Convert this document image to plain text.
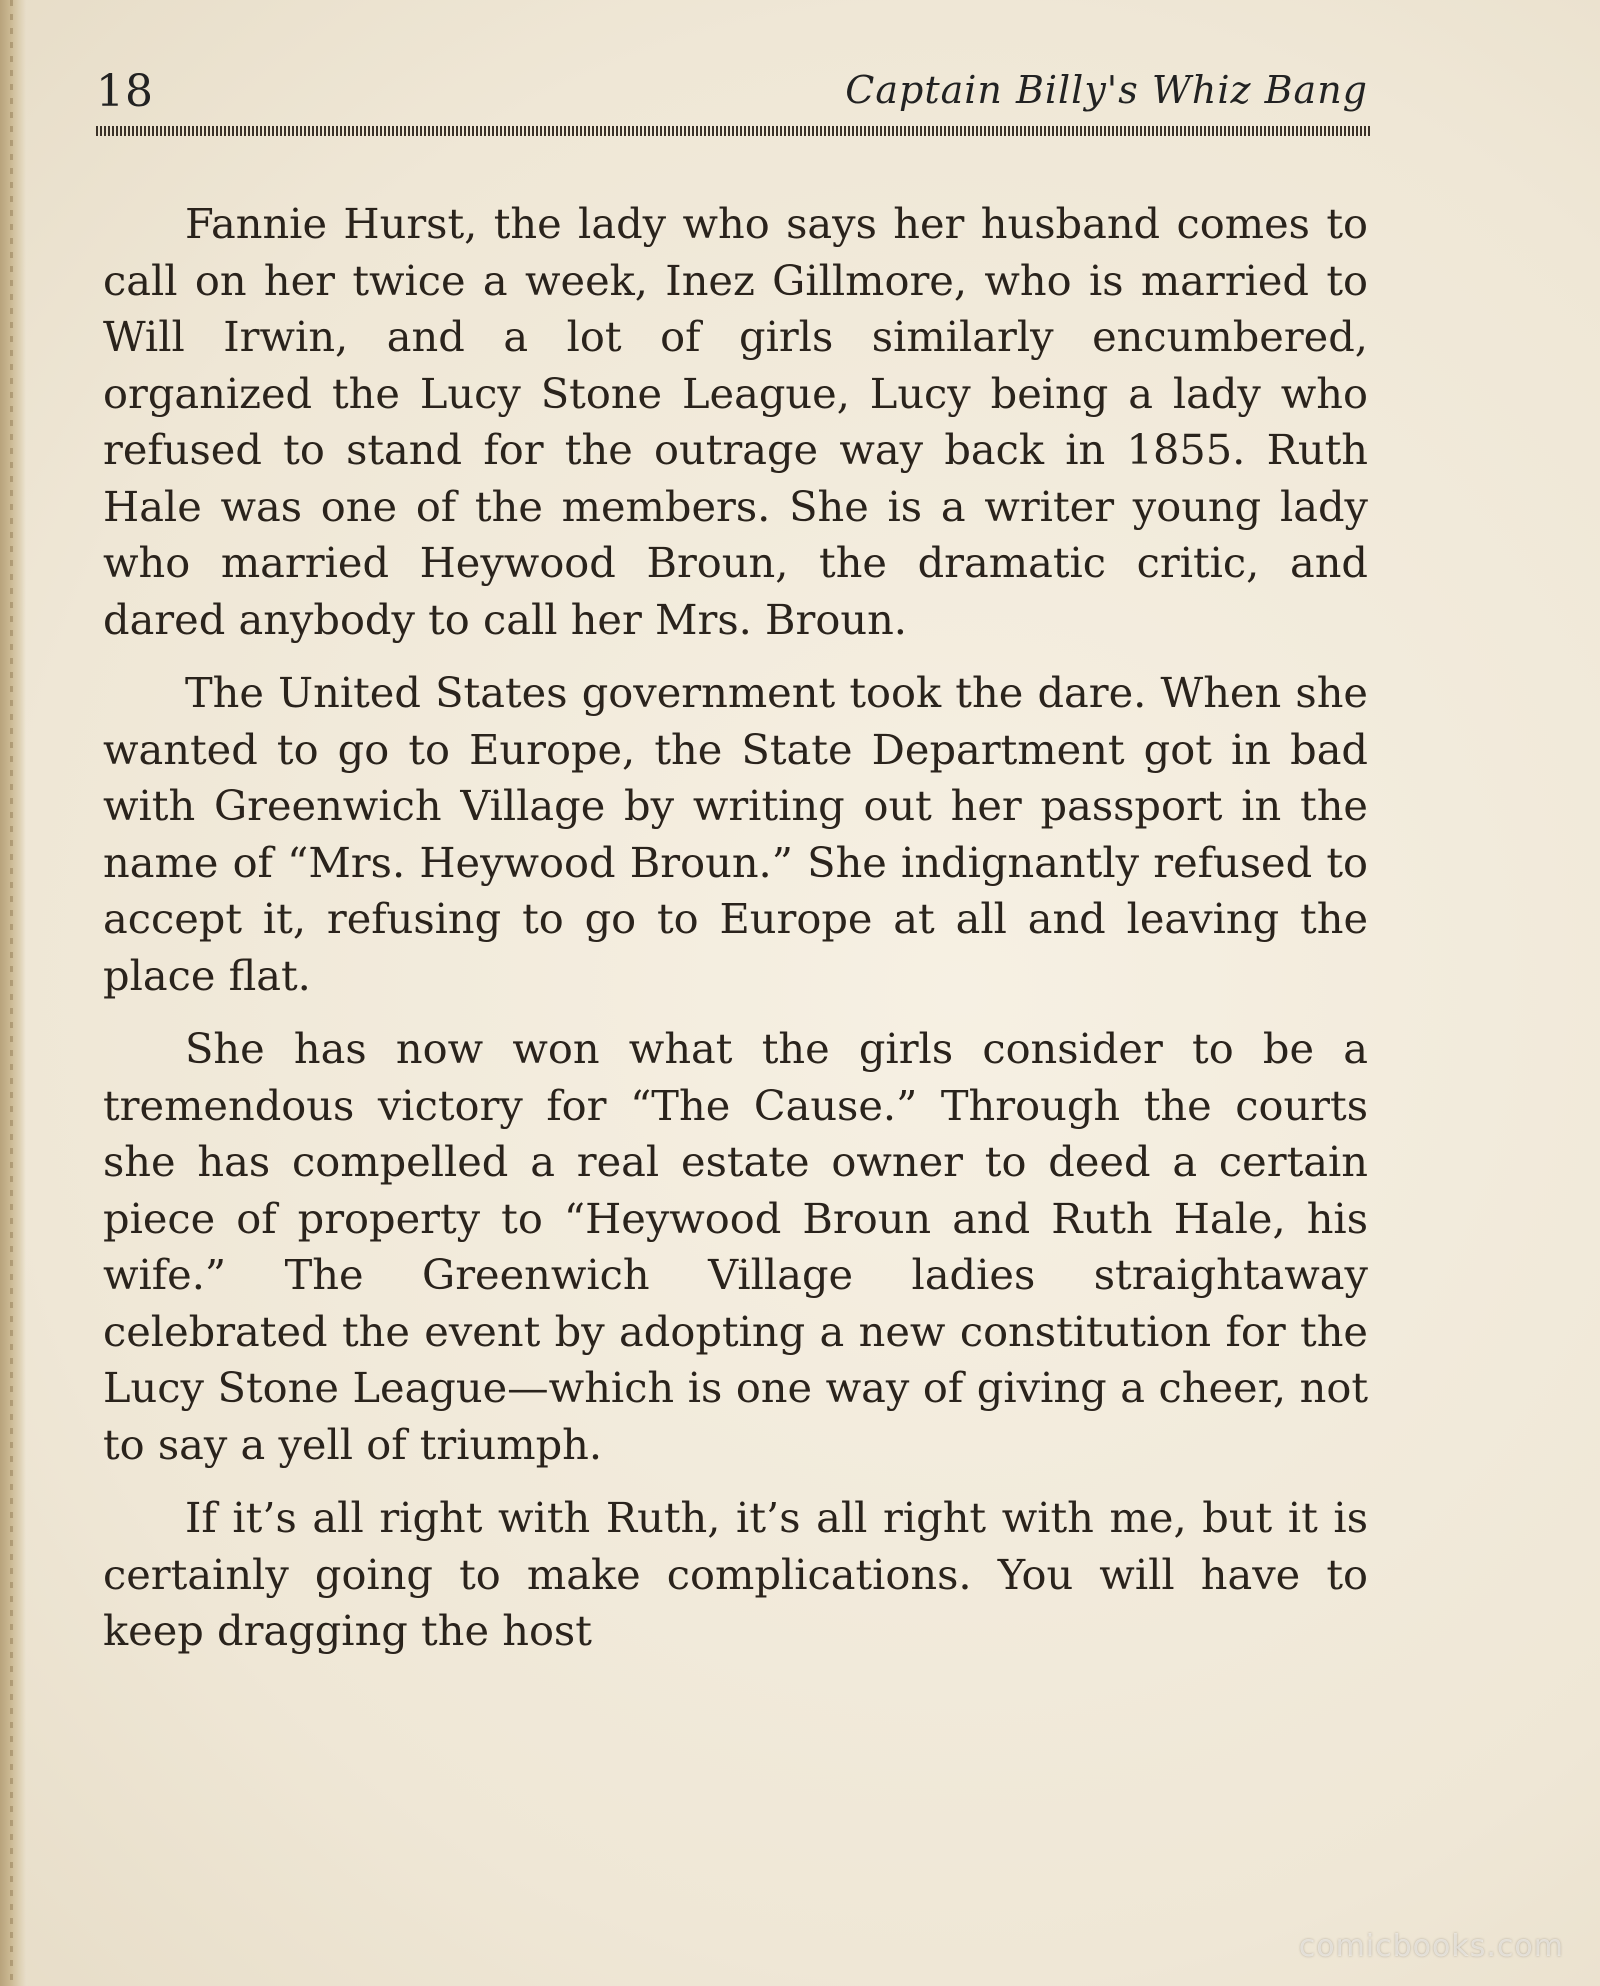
18	Captain Billy's Whiz Bang

Fannie Hurst, the lady who says her husband comes to call on her twice a week, Inez Gillmore, who is married to Will Irwin, and a lot of girls similarly encumbered, organized the Lucy Stone League, Lucy being a lady who refused to stand for the outrage way back in 1855. Ruth Hale was one of the members. She is a writer young lady who married Heywood Broun, the dramatic critic, and dared anybody to call her Mrs. Broun.

The United States government took the dare. When she wanted to go to Europe, the State Department got in bad with Greenwich Village by writing out her passport in the name of “Mrs. Heywood Broun.” She indignantly refused to accept it, refusing to go to Europe at all and leaving the place flat.

She has now won what the girls consider to be a tremendous victory for “The Cause.” Through the courts she has compelled a real estate owner to deed a certain piece of property to “Heywood Broun and Ruth Hale, his wife.” The Greenwich Village ladies straightaway celebrated the event by adopting a new constitution for the Lucy Stone League—which is one way of giving a cheer, not to say a yell of triumph.

If it’s all right with Ruth, it’s all right with me, but it is certainly going to make complications. You will have to keep dragging the host

comicbooks.com
